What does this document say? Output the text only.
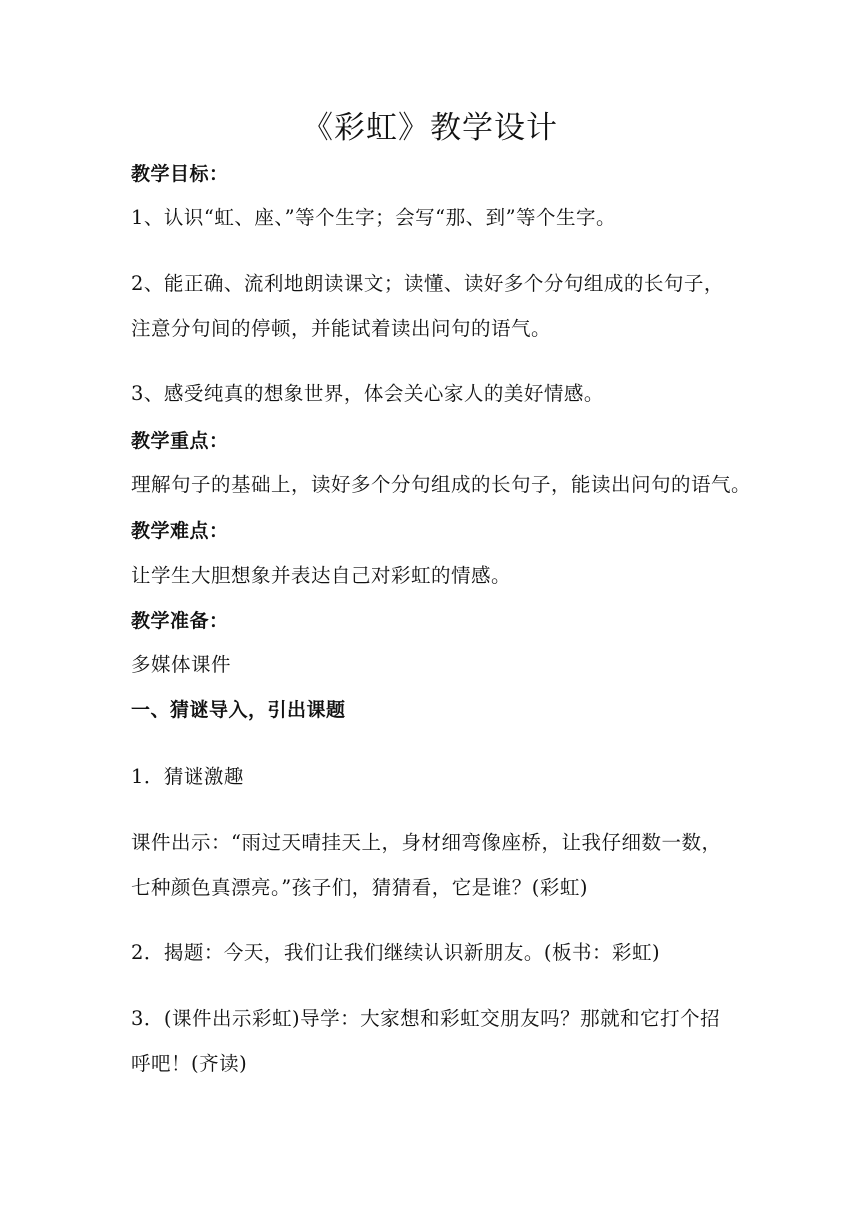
《彩虹》教学设计
教学目标：
1、认识“虹、座、”等个生字；会写“那、到”等个生字。
2、能正确、流利地朗读课文；读懂、读好多个分句组成的长句子，
注意分句间的停顿，并能试着读出问句的语气。
3、感受纯真的想象世界，体会关心家人的美好情感。
教学重点：
理解句子的基础上，读好多个分句组成的长句子，能读出问句的语气。
教学难点：
让学生大胆想象并表达自己对彩虹的情感。
教学准备：
多媒体课件
一、猜谜导入，引出课题
1．猜谜激趣
课件出示：“雨过天晴挂天上，身材细弯像座桥，让我仔细数一数，
七种颜色真漂亮。”孩子们，猜猜看，它是谁？(彩虹)
2．揭题：今天，我们让我们继续认识新朋友。(板书：彩虹)
3．(课件出示彩虹)导学：大家想和彩虹交朋友吗？那就和它打个招
呼吧！(齐读)
